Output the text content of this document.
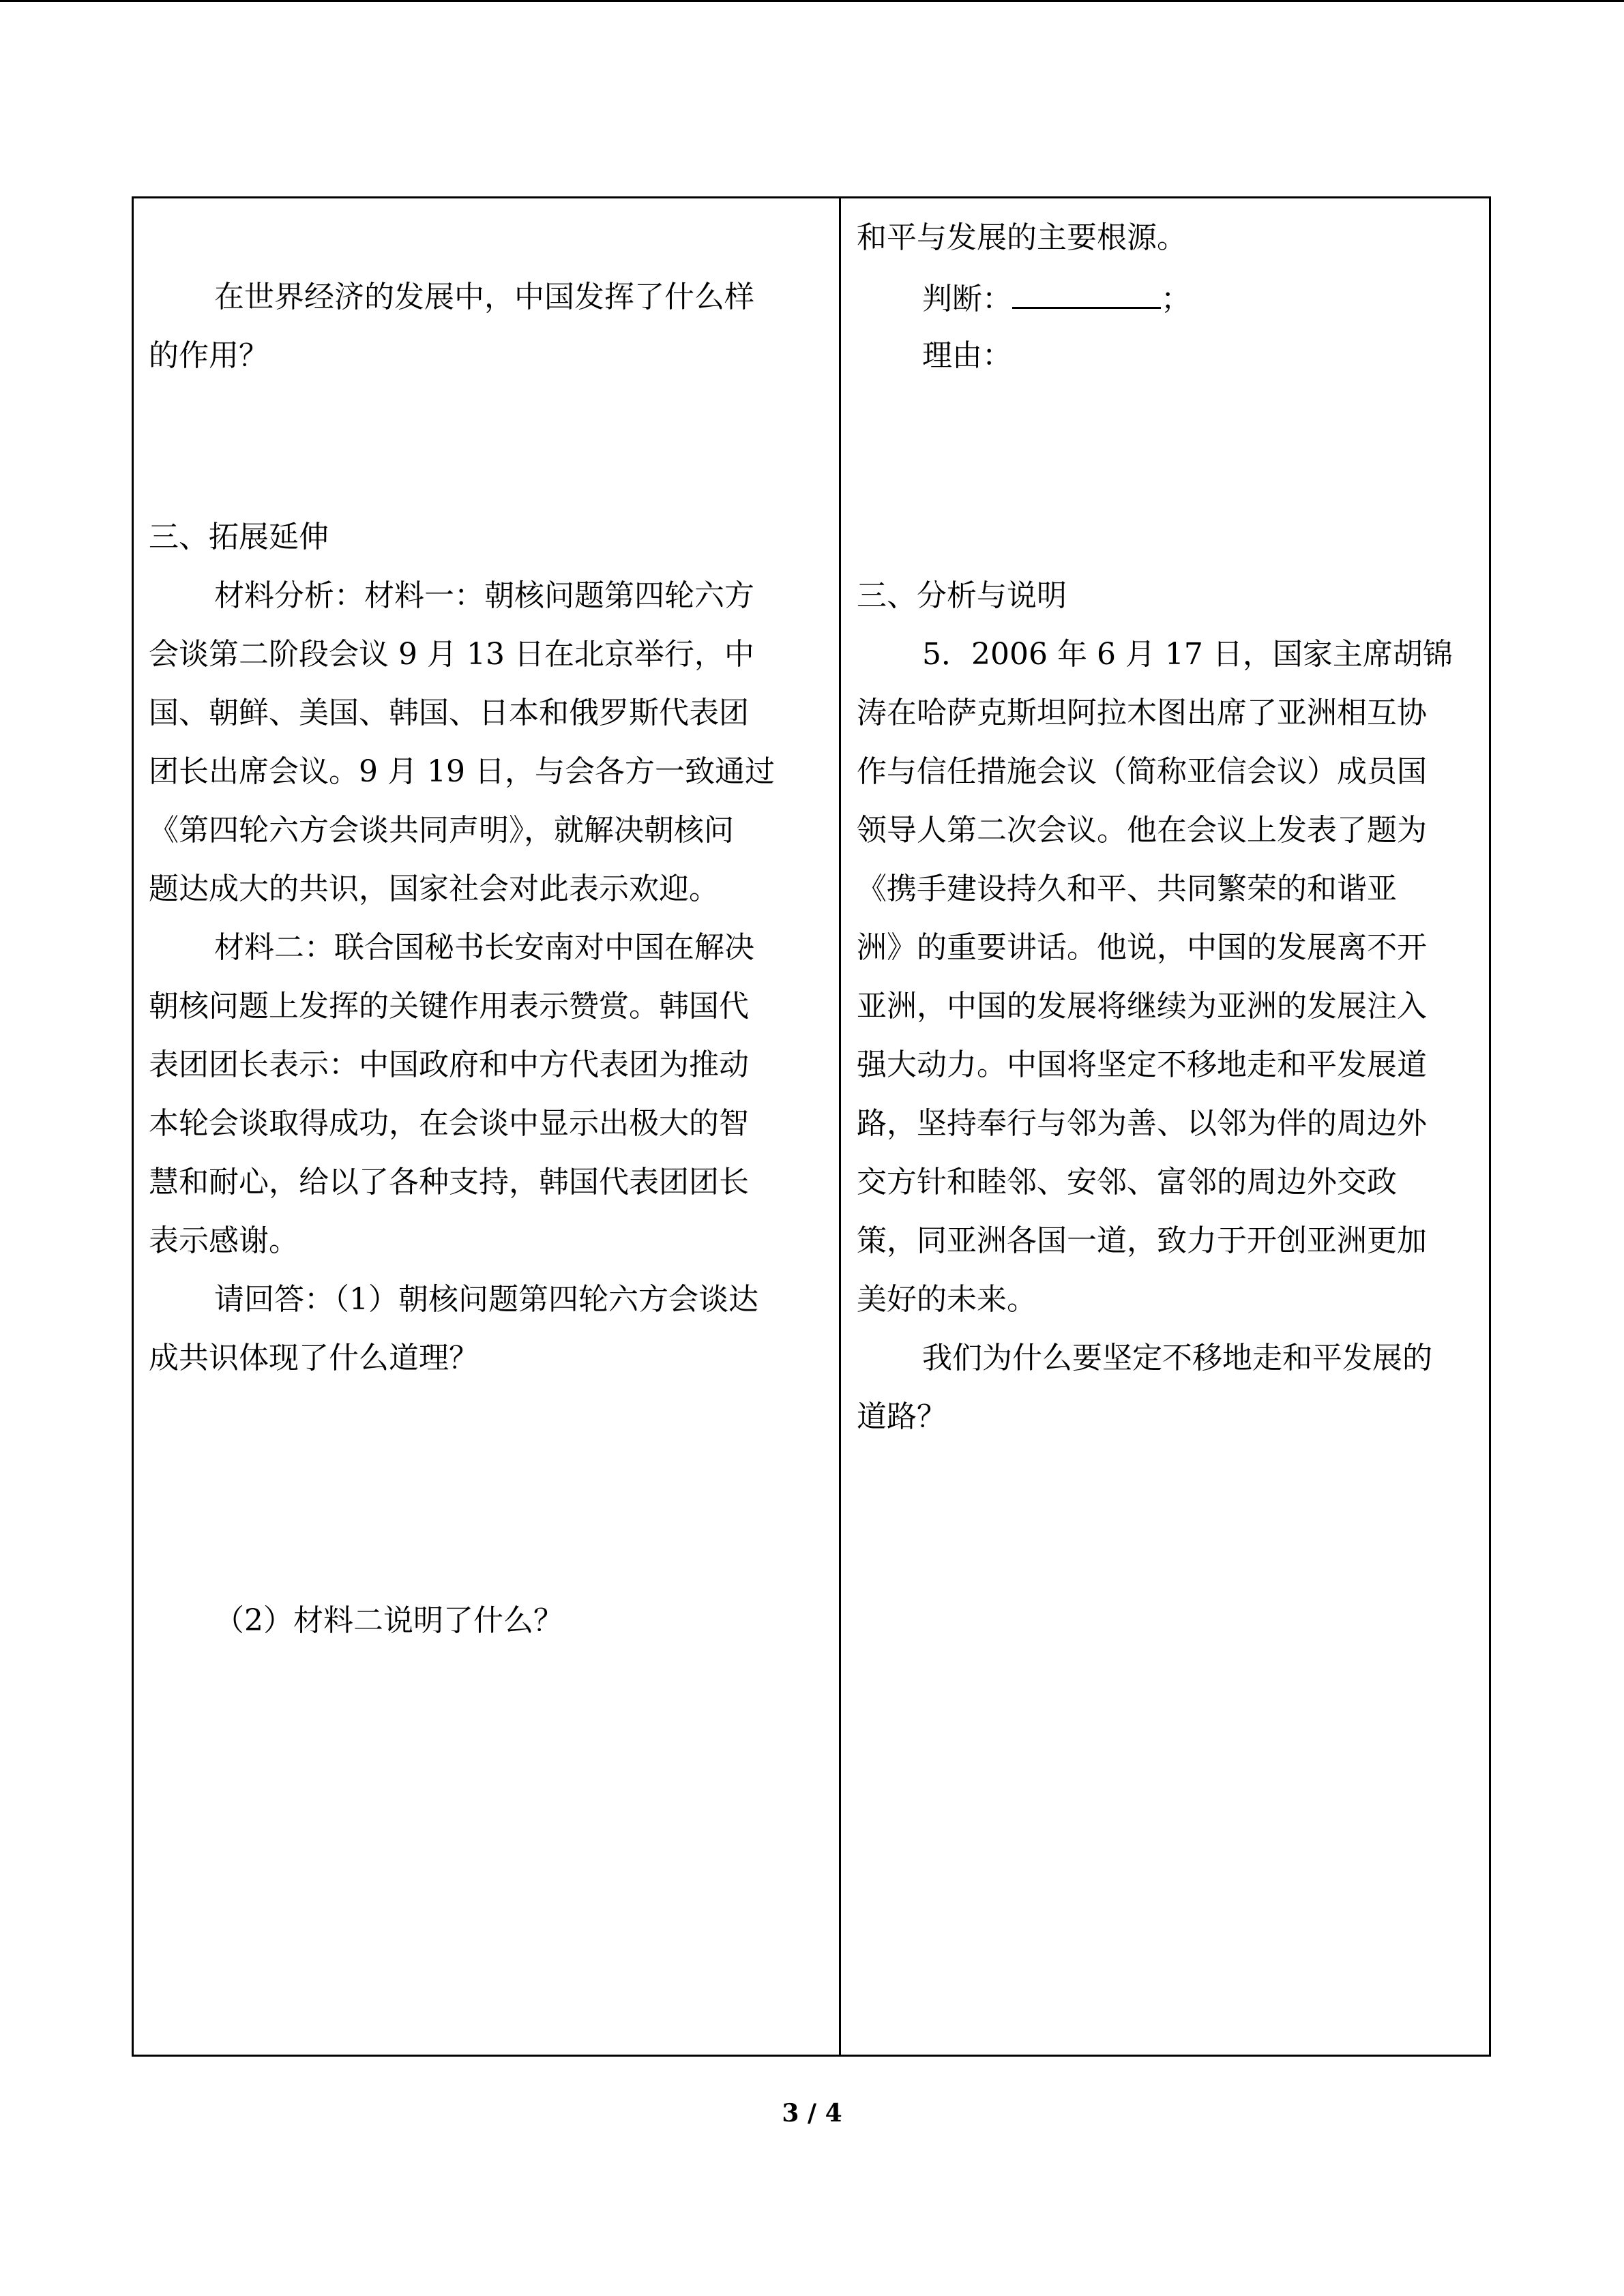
在世界经济的发展中，中国发挥了什么样
的作用？
三、拓展延伸
材料分析：材料一：朝核问题第四轮六方
会谈第二阶段会议 9 月 13 日在北京举行，中
国、朝鲜、美国、韩国、日本和俄罗斯代表团
团长出席会议。9 月 19 日，与会各方一致通过
《第四轮六方会谈共同声明》，就解决朝核问
题达成大的共识，国家社会对此表示欢迎。
材料二：联合国秘书长安南对中国在解决
朝核问题上发挥的关键作用表示赞赏。韩国代
表团团长表示：中国政府和中方代表团为推动
本轮会谈取得成功，在会谈中显示出极大的智
慧和耐心，给以了各种支持，韩国代表团团长
表示感谢。
请回答：（1）朝核问题第四轮六方会谈达
成共识体现了什么道理？
（2）材料二说明了什么？
和平与发展的主要根源。
判断：	；
理由：
三、分析与说明
5．2006 年 6 月 17 日，国家主席胡锦
涛在哈萨克斯坦阿拉木图出席了亚洲相互协
作与信任措施会议（简称亚信会议）成员国
领导人第二次会议。他在会议上发表了题为
《携手建设持久和平、共同繁荣的和谐亚
洲》的重要讲话。他说，中国的发展离不开
亚洲，中国的发展将继续为亚洲的发展注入
强大动力。中国将坚定不移地走和平发展道
路，坚持奉行与邻为善、以邻为伴的周边外
交方针和睦邻、安邻、富邻的周边外交政
策，同亚洲各国一道，致力于开创亚洲更加
美好的未来。
我们为什么要坚定不移地走和平发展的
道路？
3 / 4
